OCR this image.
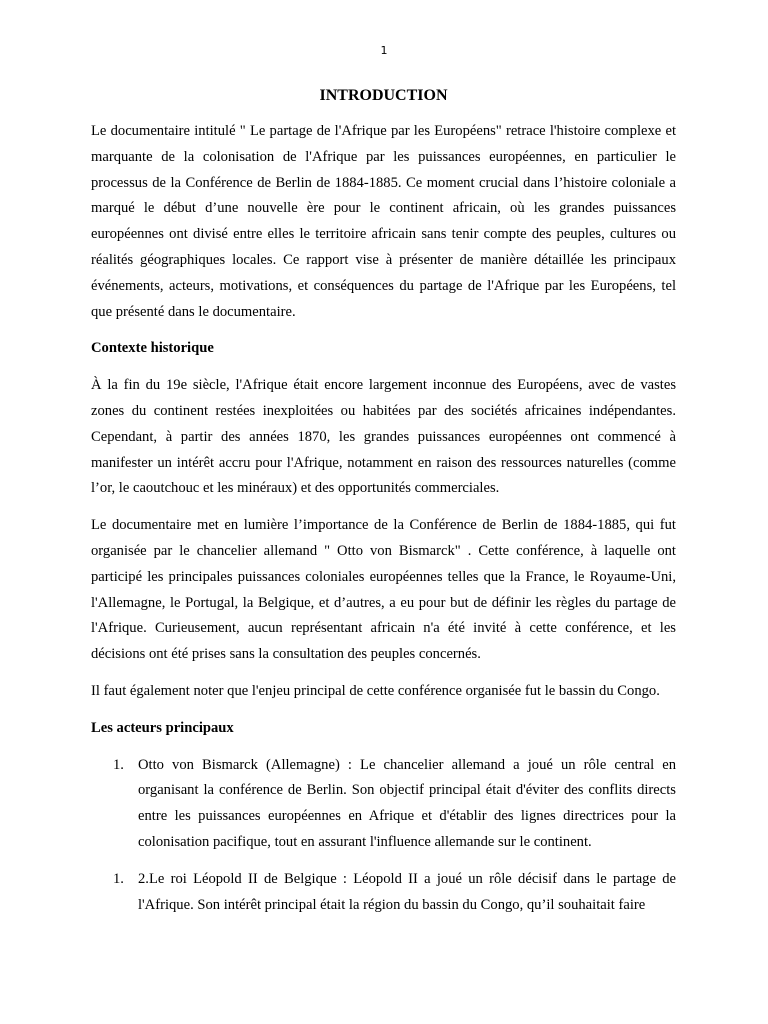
1
INTRODUCTION

Le documentaire intitulé " Le partage de l'Afrique par les Européens" retrace l'histoire complexe et marquante de la colonisation de l'Afrique par les puissances européennes, en particulier le processus de la Conférence de Berlin de 1884-1885. Ce moment crucial dans l’histoire coloniale a marqué le début d’une nouvelle ère pour le continent africain, où les grandes puissances européennes ont divisé entre elles le territoire africain sans tenir compte des peuples, cultures ou réalités géographiques locales. Ce rapport vise à présenter de manière détaillée les principaux événements, acteurs, motivations, et conséquences du partage de l'Afrique par les Européens, tel que présenté dans le documentaire.

Contexte historique

À la fin du 19e siècle, l'Afrique était encore largement inconnue des Européens, avec de vastes zones du continent restées inexploitées ou habitées par des sociétés africaines indépendantes. Cependant, à partir des années 1870, les grandes puissances européennes ont commencé à manifester un intérêt accru pour l'Afrique, notamment en raison des ressources naturelles (comme l’or, le caoutchouc et les minéraux) et des opportunités commerciales.

Le documentaire met en lumière l’importance de la Conférence de Berlin de 1884-1885, qui fut organisée par le chancelier allemand " Otto von Bismarck" . Cette conférence, à laquelle ont participé les principales puissances coloniales européennes telles que la France, le Royaume-Uni, l'Allemagne, le Portugal, la Belgique, et d’autres, a eu pour but de définir les règles du partage de l'Afrique. Curieusement, aucun représentant africain n'a été invité à cette conférence, et les décisions ont été prises sans la consultation des peuples concernés.

Il faut également noter que l'enjeu principal de cette conférence organisée fut le bassin du Congo.

Les acteurs principaux

1. Otto von Bismarck (Allemagne) : Le chancelier allemand a joué un rôle central en organisant la conférence de Berlin. Son objectif principal était d'éviter des conflits directs entre les puissances européennes en Afrique et d'établir des lignes directrices pour la colonisation pacifique, tout en assurant l'influence allemande sur le continent.

1. 2.Le roi Léopold II de Belgique : Léopold II a joué un rôle décisif dans le partage de l'Afrique. Son intérêt principal était la région du bassin du Congo, qu’il souhaitait faire
